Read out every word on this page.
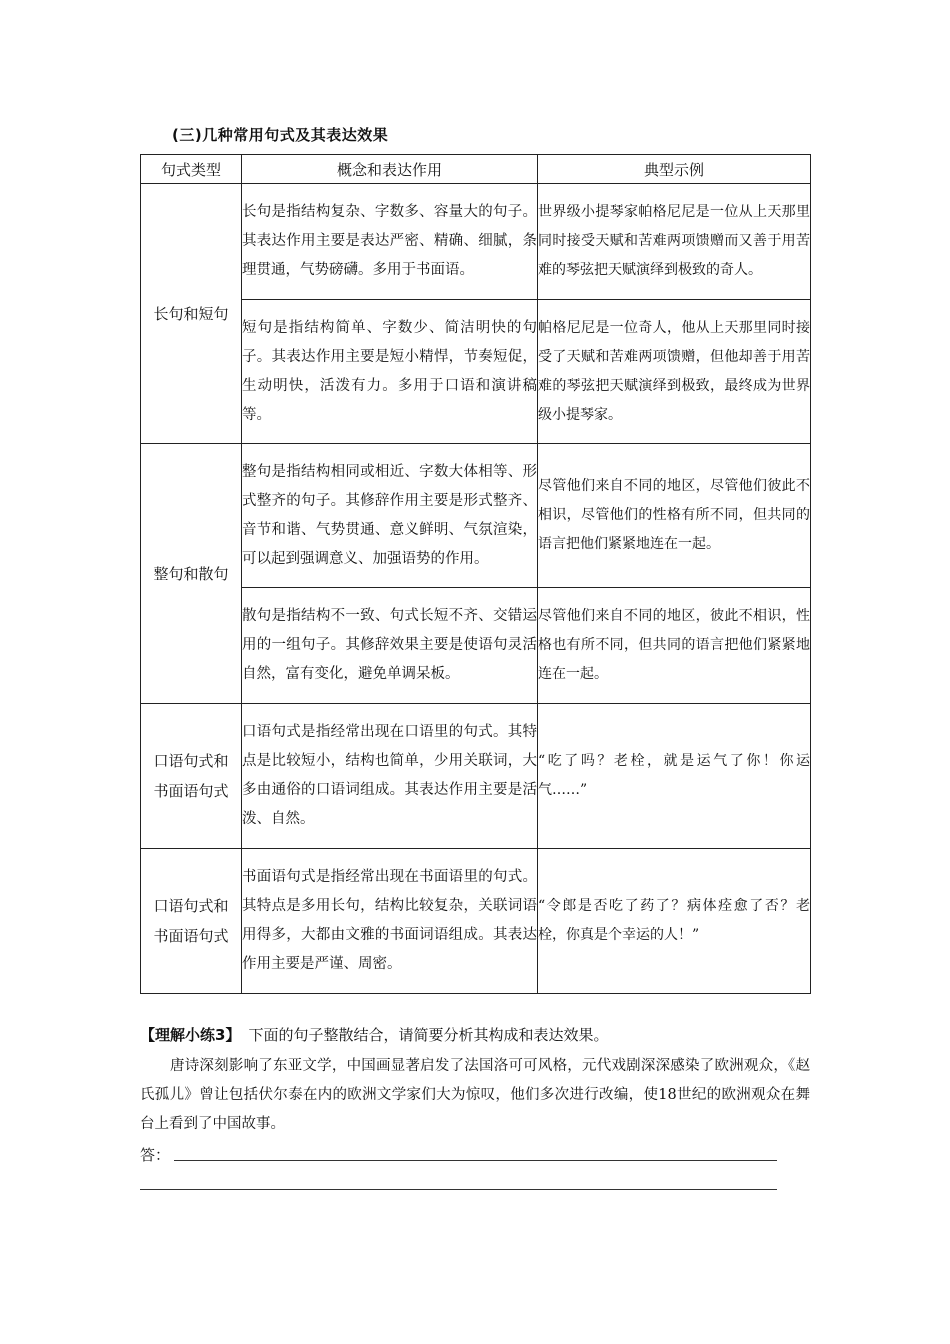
(三)几种常用句式及其表达效果
句式类型	概念和表达作用	典型示例
长句和短句	长句是指结构复杂、字数多、容量大的句子。其表达作用主要是表达严密、精确、细腻，条理贯通，气势磅礴。多用于书面语。	世界级小提琴家帕格尼尼是一位从上天那里同时接受天赋和苦难两项馈赠而又善于用苦难的琴弦把天赋演绎到极致的奇人。
	短句是指结构简单、字数少、简洁明快的句子。其表达作用主要是短小精悍，节奏短促，生动明快，活泼有力。多用于口语和演讲稿等。	帕格尼尼是一位奇人，他从上天那里同时接受了天赋和苦难两项馈赠，但他却善于用苦难的琴弦把天赋演绎到极致，最终成为世界级小提琴家。
整句和散句	整句是指结构相同或相近、字数大体相等、形式整齐的句子。其修辞作用主要是形式整齐、音节和谐、气势贯通、意义鲜明、气氛渲染，可以起到强调意义、加强语势的作用。	尽管他们来自不同的地区，尽管他们彼此不相识，尽管他们的性格有所不同，但共同的语言把他们紧紧地连在一起。
	散句是指结构不一致、句式长短不齐、交错运用的一组句子。其修辞效果主要是使语句灵活自然，富有变化，避免单调呆板。	尽管他们来自不同的地区，彼此不相识，性格也有所不同，但共同的语言把他们紧紧地连在一起。
口语句式和
书面语句式	口语句式是指经常出现在口语里的句式。其特点是比较短小，结构也简单，少用关联词，大多由通俗的口语词组成。其表达作用主要是活泼、自然。	“吃了吗？老栓，就是运气了你！你运气……”
口语句式和
书面语句式	书面语句式是指经常出现在书面语里的句式。其特点是多用长句，结构比较复杂，关联词语用得多，大都由文雅的书面词语组成。其表达作用主要是严谨、周密。	“令郎是否吃了药了？病体痊愈了否？老栓，你真是个幸运的人！”
【理解小练3】 下面的句子整散结合，请简要分析其构成和表达效果。
唐诗深刻影响了东亚文学，中国画显著启发了法国洛可可风格，元代戏剧深深感染了欧洲观众，《赵氏孤儿》曾让包括伏尔泰在内的欧洲文学家们大为惊叹，他们多次进行改编，使18世纪的欧洲观众在舞台上看到了中国故事。
答：
